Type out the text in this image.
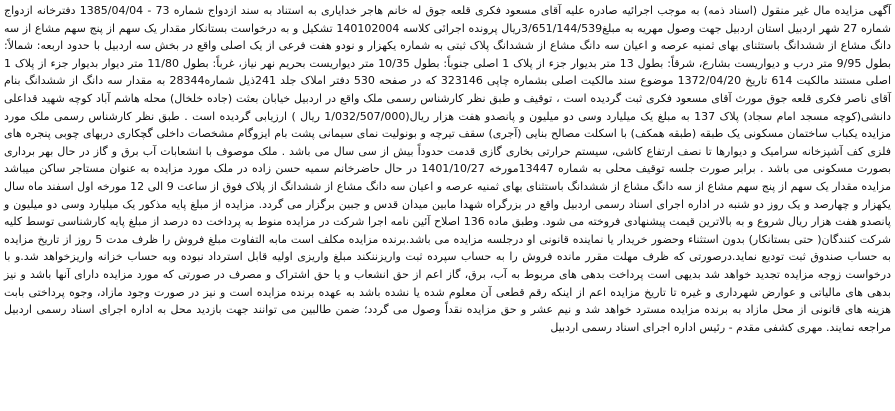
آگهی مزایده مال غیر منقول (اسناد ذمه) به موجب اجرائیه صادره علیه آقای مسعود فکری قلعه جوق له خانم هاجر خدایاری به استناد به سند ازدواج شماره 73 - 1385/04/04 دفترخانه ازدواج شماره 27 شهر اردبیل استان اردبیل جهت وصول مهریه به مبلغ3/651/144/539ریال پرونده اجرائی کلاسه 140102004 تشکیل و به درخواست بستانکار مقدار یک سهم از پنج سهم مشاع از سه دانگ مشاع از ششدانگ باستثنای بهای ثمنیه عرصه و اعیان سه دانگ مشاع از ششدانگ پلاک ثبتی به شماره یکهزار و نودو هفت فرعی از یک اصلی واقع در بخش سه اردبیل با حدود اربعه: شمالاً: بطول 9/95 متر درب و دیواریست بشارع، شرقاً: بطول 13 متر بدیوار جزء از پلاک 1 اصلی جنوباً: بطول 10/35 متر دیواریست بحریم نهر نیاز، غرباً: بطول 11/80 متر دیوار بدیوار جزء از پلاک 1 اصلی مستند مالکیت 614 تاریخ 1372/04/20 موضوع سند مالکیت اصلی بشماره چاپی 323146 که در صفحه 530 دفتر املاک جلد 241ذیل شماره28344 به مقدار سه دانگ از ششدانگ بنام آقای ناصر فکری قلعه جوق مورث آقای مسعود فکری ثبت گردیده است ، توقیف و طبق نظر کارشناس رسمی ملک واقع در اردبیل خیابان بعثت (جاده خلخال) محله هاشم آباد کوچه شهید قداعلی دانشی(کوچه مسجد امام سجاد) پلاک 137 به مبلغ یک میلیارد وسی دو میلیون و پانصدو هفت هزار ریال(1/032/507/000 ریال ) ارزیابی گردیده است . طبق نظر کارشناس رسمی ملک مورد مزایده یکباب ساختمان مسکونی یک طبقه (طبقه همکف) با اسکلت مصالح بنایی (آجری) سقف تیرچه و بونولیت نمای سیمانی پشت بام ایزوگام مشخصات داخلی گچکاری دربهای چوبی پنجره های فلزی کف آشپزخانه سرامیک و دیوارها تا نصف ارتفاع کاشی، سیستم حرارتی بخاری گازی قدمت حدوداً بیش از سی سال می باشد . ملک موصوف با انشعابات آب برق و گاز در حال بهر برداری بصورت مسکونی می باشد . برابر صورت جلسه توقیف محلی به شماره 13447مورخه 1401/10/27 در حال حاضرخانم سمیه حسن زاده در ملک مورد مزایده به عنوان مستاجر ساکن میباشد مزایده مقدار یک سهم از پنج سهم مشاع از سه دانگ مشاع از ششدانگ باستثنای بهای ثمنیه عرصه و اعیان سه دانگ مشاع از ششدانگ از پلاک فوق از ساعت 9 الی 12 مورخه اول اسفند ماه سال یکهزار و چهارصد و یک روز دو شنبه در اداره اجرای اسناد رسمی اردبیل واقع در بزرگراه شهدا مابین میدان قدس و جبین برگزار می گردد. مزایده از مبلغ پایه مذکور یک میلیارد وسی دو میلیون و پانصدو هفت هزار ریال شروع و به بالاترین قیمت پیشنهادی فروخته می شود. وطبق ماده 136 اصلاح آئین نامه اجرا شرکت در مزایده منوط به پرداخت ده درصد از مبلغ پایه کارشناسی توسط کلیه شرکت کنندگان( حتی بستانکار) بدون استثناء وحضور خریدار یا نماینده قانونی او درجلسه مزایده می باشد.برنده مزایده مکلف است مابه التفاوت مبلغ فروش را ظرف مدت 5 روز از تاریخ مزایده به حساب صندوق ثبت تودیع نماید.درصورتی که ظرف مهلت مقرر مانده فروش را به حساب سپرده ثبت واریزننکند مبلغ واریزی اولیه قابل استرداد نبوده وبه حساب خزانه واریزخواهد شد.و با درخواست زوجه مزایده تجدید خواهد شد بدیهی است پرداخت بدهی های مربوط به آب، برق، گاز اعم از حق انشعاب و یا حق اشتراک و مصرف در صورتی که مورد مزایده دارای آنها باشد و نیز بدهی های مالیاتی و عوارض شهرداری و غیره تا تاریخ مزایده اعم از اینکه رقم قطعی آن معلوم شده یا نشده باشد به عهده برنده مزایده است و نیز در صورت وجود مازاد، وجوه پرداختی بابت هزینه های قانونی از محل مازاد به برنده مزایده مسترد خواهد شد و نیم عشر و حق مزایده نقداً وصول می گردد؛ ضمن طالبین می توانند جهت بازدید محل به اداره اجرای اسناد رسمی اردبیل مراجعه نمایند. مهری کشفی مقدم - رئیس اداره اجرای اسناد رسمی اردبیل
